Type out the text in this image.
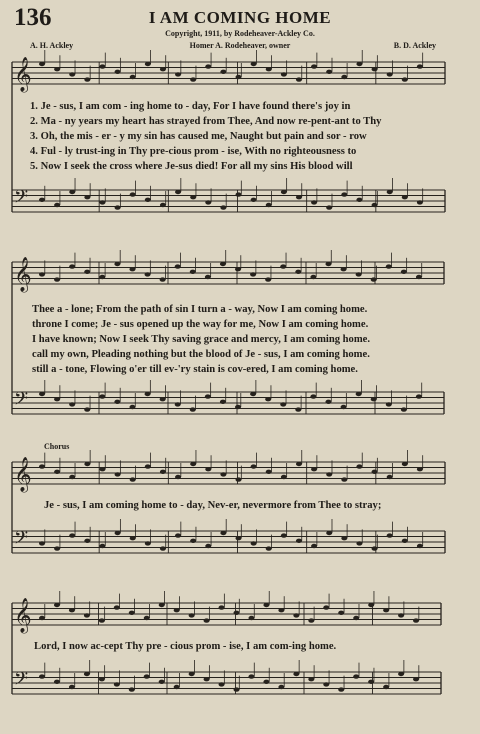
136	I AM COMING HOME
Copyright, 1911, by Rodeheaver-Ackley Co.
A. H. Ackley	Homer A. Rodeheaver, owner	B. D. Ackley
𝄞
𝄢
𝄞
𝄢
𝄞
𝄢
𝄞
𝄢
1. Je - sus, I am com - ing home to - day, For I have found there's joy in
2. Ma - ny years my heart has strayed from Thee, And now re-pent-ant to Thy
3. Oh, the mis - er - y my sin has caused me, Naught but pain and sor - row
4. Ful - ly trust-ing in Thy pre-cious prom - ise, With no righteousness to
5. Now I seek the cross where Je-sus died! For all my sins His blood will
Thee a - lone; From the path of sin I turn a - way, Now I am coming home.
throne I come; Je - sus opened up the way for me, Now I am coming home.
I have known; Now I seek Thy saving grace and mercy, I am coming home.
call my own, Pleading nothing but the blood of Je - sus, I am coming home.
still a - tone, Flowing o'er till ev-'ry stain is cov-ered, I am coming home.
Chorus
Je - sus, I am coming home to - day, Nev-er, nevermore from Thee to stray;
Lord, I now ac-cept Thy pre - cious prom - ise, I am com-ing home.
